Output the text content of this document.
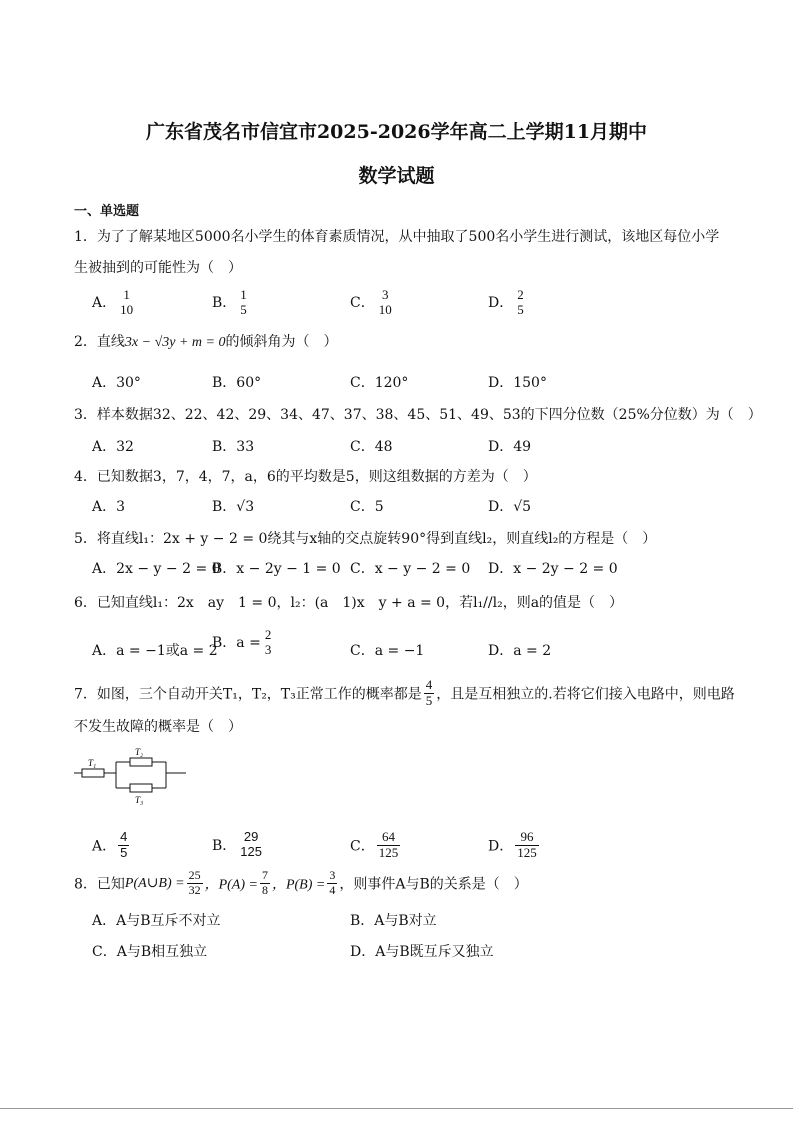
广东省茂名市信宜市2025-2026学年高二上学期11月期中
数学试题
一、单选题
1．为了了解某地区5000名小学生的体育素质情况，从中抽取了500名小学生进行测试，该地区每位小学
生被抽到的可能性为（　）
A．
1
10	B．
1
5	C．
3
10	D．
2
5
2．直线3x − √3y + m = 0的倾斜角为（　）
A．30°	B．60°	C．120°	D．150°
3．样本数据32、22、42、29、34、47、37、38、45、51、49、53的下四分位数（25%分位数）为（　）
A．32	B．33	C．48	D．49
4．已知数据3，7，4，7，a，6的平均数是5，则这组数据的方差为（　）
A．3	B．√3	C．5	D．√5
5．将直线l₁：2x + y − 2 = 0绕其与x轴的交点旋转90°得到直线l₂，则直线l₂的方程是（　）
A．2x − y − 2 = 0
B．x − 2y − 1 = 0 C．x − y − 2 = 0 D．x − 2y − 2 = 0
6．已知直线l₁：2x　ay　1 = 0，l₂：(a　1)x　y + a = 0，若l₁//l₂，则a的值是（　）
A．a = −1或a = 2
B．a =
2
3	C．a = −1	D．a = 2
7．如图，三个自动开关T₁，T₂，T₃正常工作的概率都是 $\frac{4}{5}$ ，且是互相独立的.若将它们接入电路中，则电路
不发生故障的概率是（　）
T₁
T₂
T₃
A． $\frac{4}{5}$	B．
29
125	C． $\frac{64}{125}$	D． $\frac{96}{125}$
8．已知P(A∪B) = $\frac{25}{32}$ ，$P(A) = \frac{7}{8}$ ，$P(B) = \frac{3}{4}$ ，则事件A与B的关系是（　）
A．A与B互斥不对立	B．A与B对立
C．A与B相互独立	D．A与B既互斥又独立
